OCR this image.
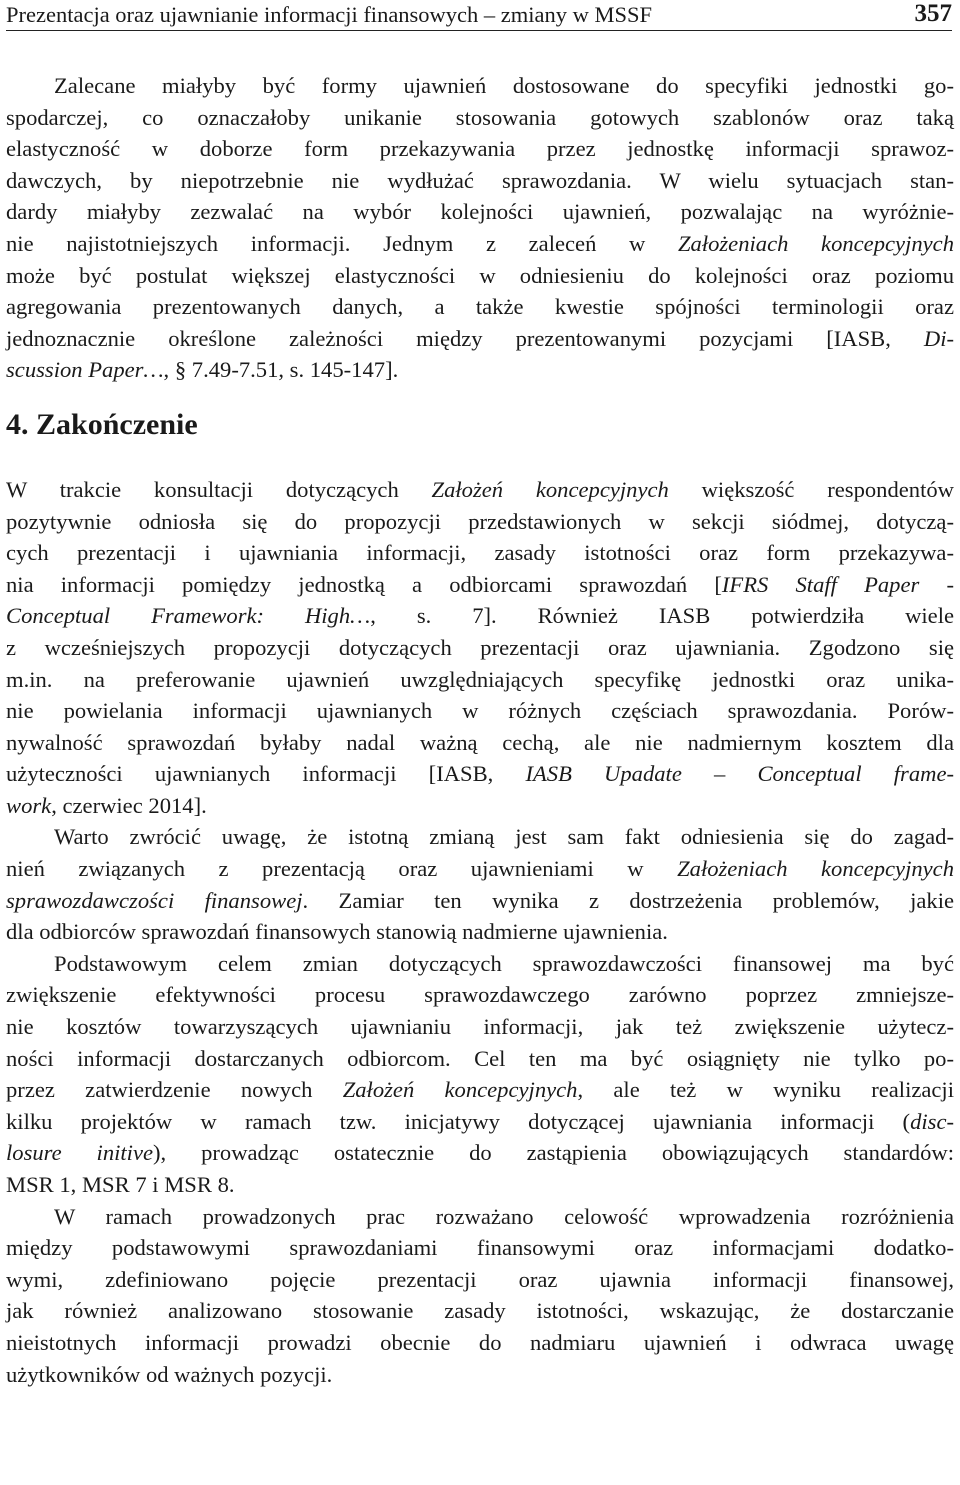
Prezentacja oraz ujawnianie informacji finansowych – zmiany w MSSF	357
Zalecane miałyby być formy ujawnień dostosowane do specyfiki jednostki go-
spodarczej, co oznaczałoby unikanie stosowania gotowych szablonów oraz taką
elastyczność w doborze form przekazywania przez jednostkę informacji sprawoz-
dawczych, by niepotrzebnie nie wydłużać sprawozdania. W wielu sytuacjach stan-
dardy miałyby zezwalać na wybór kolejności ujawnień, pozwalając na wyróżnie-
nie najistotniejszych informacji. Jednym z zaleceń w Założeniach koncepcyjnych
może być postulat większej elastyczności w odniesieniu do kolejności oraz poziomu
agregowania prezentowanych danych, a także kwestie spójności terminologii oraz
jednoznacznie określone zależności między prezentowanymi pozycjami [IASB, Di-
scussion Paper…, § 7.49-7.51, s. 145-147].
4. Zakończenie
W trakcie konsultacji dotyczących Założeń koncepcyjnych większość respondentów
pozytywnie odniosła się do propozycji przedstawionych w sekcji siódmej, dotyczą-
cych prezentacji i ujawniania informacji, zasady istotności oraz form przekazywa-
nia informacji pomiędzy jednostką a odbiorcami sprawozdań [IFRS Staff Paper -
Conceptual Framework: High…, s. 7]. Również IASB potwierdziła wiele
z wcześniejszych propozycji dotyczących prezentacji oraz ujawniania. Zgodzono się
m.in. na preferowanie ujawnień uwzględniających specyfikę jednostki oraz unika-
nie powielania informacji ujawnianych w różnych częściach sprawozdania. Porów-
nywalność sprawozdań byłaby nadal ważną cechą, ale nie nadmiernym kosztem dla
użyteczności ujawnianych informacji [IASB, IASB Upadate – Conceptual frame-
work, czerwiec 2014].
Warto zwrócić uwagę, że istotną zmianą jest sam fakt odniesienia się do zagad-
nień związanych z prezentacją oraz ujawnieniami w Założeniach koncepcyjnych
sprawozdawczości finansowej. Zamiar ten wynika z dostrzeżenia problemów, jakie
dla odbiorców sprawozdań finansowych stanowią nadmierne ujawnienia.
Podstawowym celem zmian dotyczących sprawozdawczości finansowej ma być
zwiększenie efektywności procesu sprawozdawczego zarówno poprzez zmniejsze-
nie kosztów towarzyszących ujawnianiu informacji, jak też zwiększenie użytecz-
ności informacji dostarczanych odbiorcom. Cel ten ma być osiągnięty nie tylko po-
przez zatwierdzenie nowych Założeń koncepcyjnych, ale też w wyniku realizacji
kilku projektów w ramach tzw. inicjatywy dotyczącej ujawniania informacji (disc-
losure initive), prowadząc ostatecznie do zastąpienia obowiązujących standardów:
MSR 1, MSR 7 i MSR 8.
W ramach prowadzonych prac rozważano celowość wprowadzenia rozróżnienia
między podstawowymi sprawozdaniami finansowymi oraz informacjami dodatko-
wymi, zdefiniowano pojęcie prezentacji oraz ujawnia informacji finansowej,
jak również analizowano stosowanie zasady istotności, wskazując, że dostarczanie
nieistotnych informacji prowadzi obecnie do nadmiaru ujawnień i odwraca uwagę
użytkowników od ważnych pozycji.
